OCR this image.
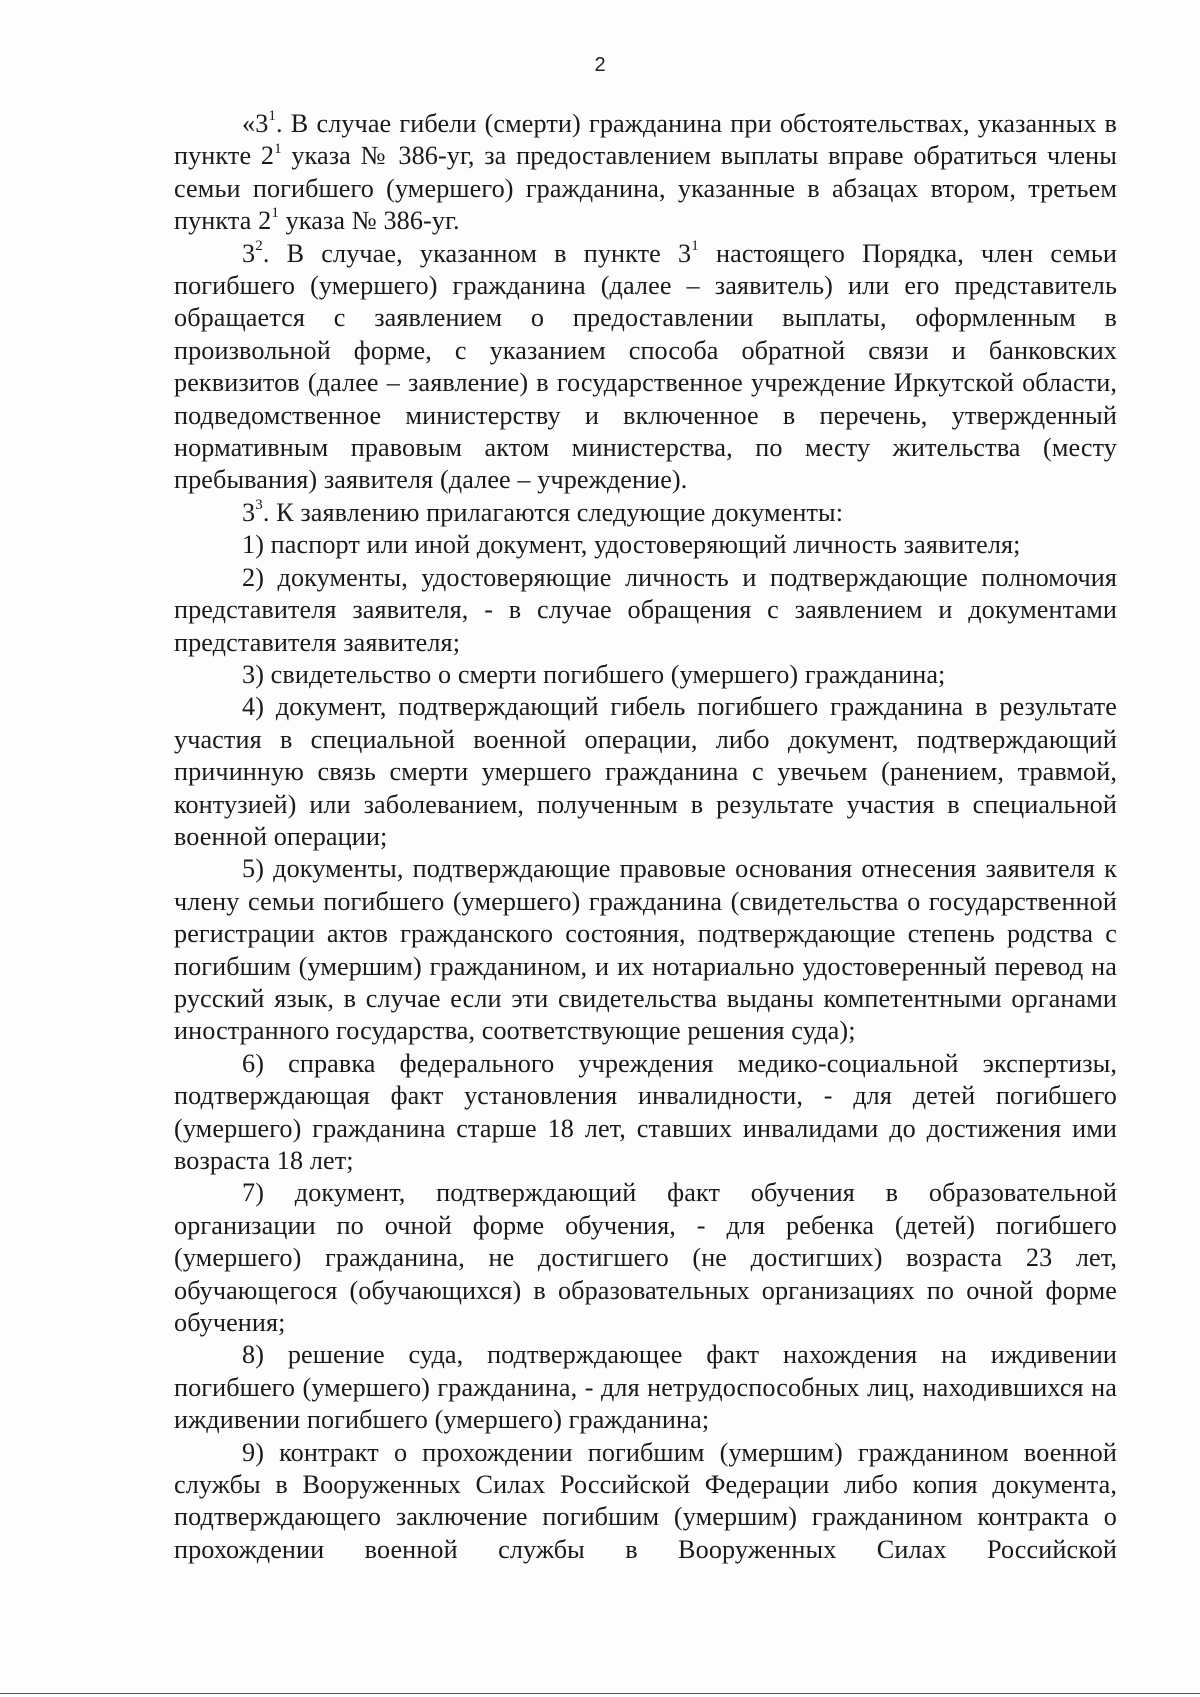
2

«$3^1$. В случае гибели (смерти) гражданина при обстоятельствах, указанных в пункте $2^1$ указа № 386-уг, за предоставлением выплаты вправе обратиться члены семьи погибшего (умершего) гражданина, указанные в абзацах втором, третьем пункта $2^1$ указа № 386-уг.

$3^2$. В случае, указанном в пункте $3^1$ настоящего Порядка, член семьи погибшего (умершего) гражданина (далее – заявитель) или его представитель обращается с заявлением о предоставлении выплаты, оформленным в произвольной форме, с указанием способа обратной связи и банковских реквизитов (далее – заявление) в государственное учреждение Иркутской области, подведомственное министерству и включенное в перечень, утвержденный нормативным правовым актом министерства, по месту жительства (месту пребывания) заявителя (далее – учреждение).

$3^3$. К заявлению прилагаются следующие документы:

1) паспорт или иной документ, удостоверяющий личность заявителя;

2) документы, удостоверяющие личность и подтверждающие полномочия представителя заявителя, - в случае обращения с заявлением и документами представителя заявителя;

3) свидетельство о смерти погибшего (умершего) гражданина;

4) документ, подтверждающий гибель погибшего гражданина в результате участия в специальной военной операции, либо документ, подтверждающий причинную связь смерти умершего гражданина с увечьем (ранением, травмой, контузией) или заболеванием, полученным в результате участия в специальной военной операции;

5) документы, подтверждающие правовые основания отнесения заявителя к члену семьи погибшего (умершего) гражданина (свидетельства о государственной регистрации актов гражданского состояния, подтверждающие степень родства с погибшим (умершим) гражданином, и их нотариально удостоверенный перевод на русский язык, в случае если эти свидетельства выданы компетентными органами иностранного государства, соответствующие решения суда);

6) справка федерального учреждения медико-социальной экспертизы, подтверждающая факт установления инвалидности, - для детей погибшего (умершего) гражданина старше 18 лет, ставших инвалидами до достижения ими возраста 18 лет;

7) документ, подтверждающий факт обучения в образовательной организации по очной форме обучения, - для ребенка (детей) погибшего (умершего) гражданина, не достигшего (не достигших) возраста 23 лет, обучающегося (обучающихся) в образовательных организациях по очной форме обучения;

8) решение суда, подтверждающее факт нахождения на иждивении погибшего (умершего) гражданина, - для нетрудоспособных лиц, находившихся на иждивении погибшего (умершего) гражданина;

9) контракт о прохождении погибшим (умершим) гражданином военной службы в Вооруженных Силах Российской Федерации либо копия документа, подтверждающего заключение погибшим (умершим) гражданином контракта о прохождении военной службы в Вооруженных Силах Российской
